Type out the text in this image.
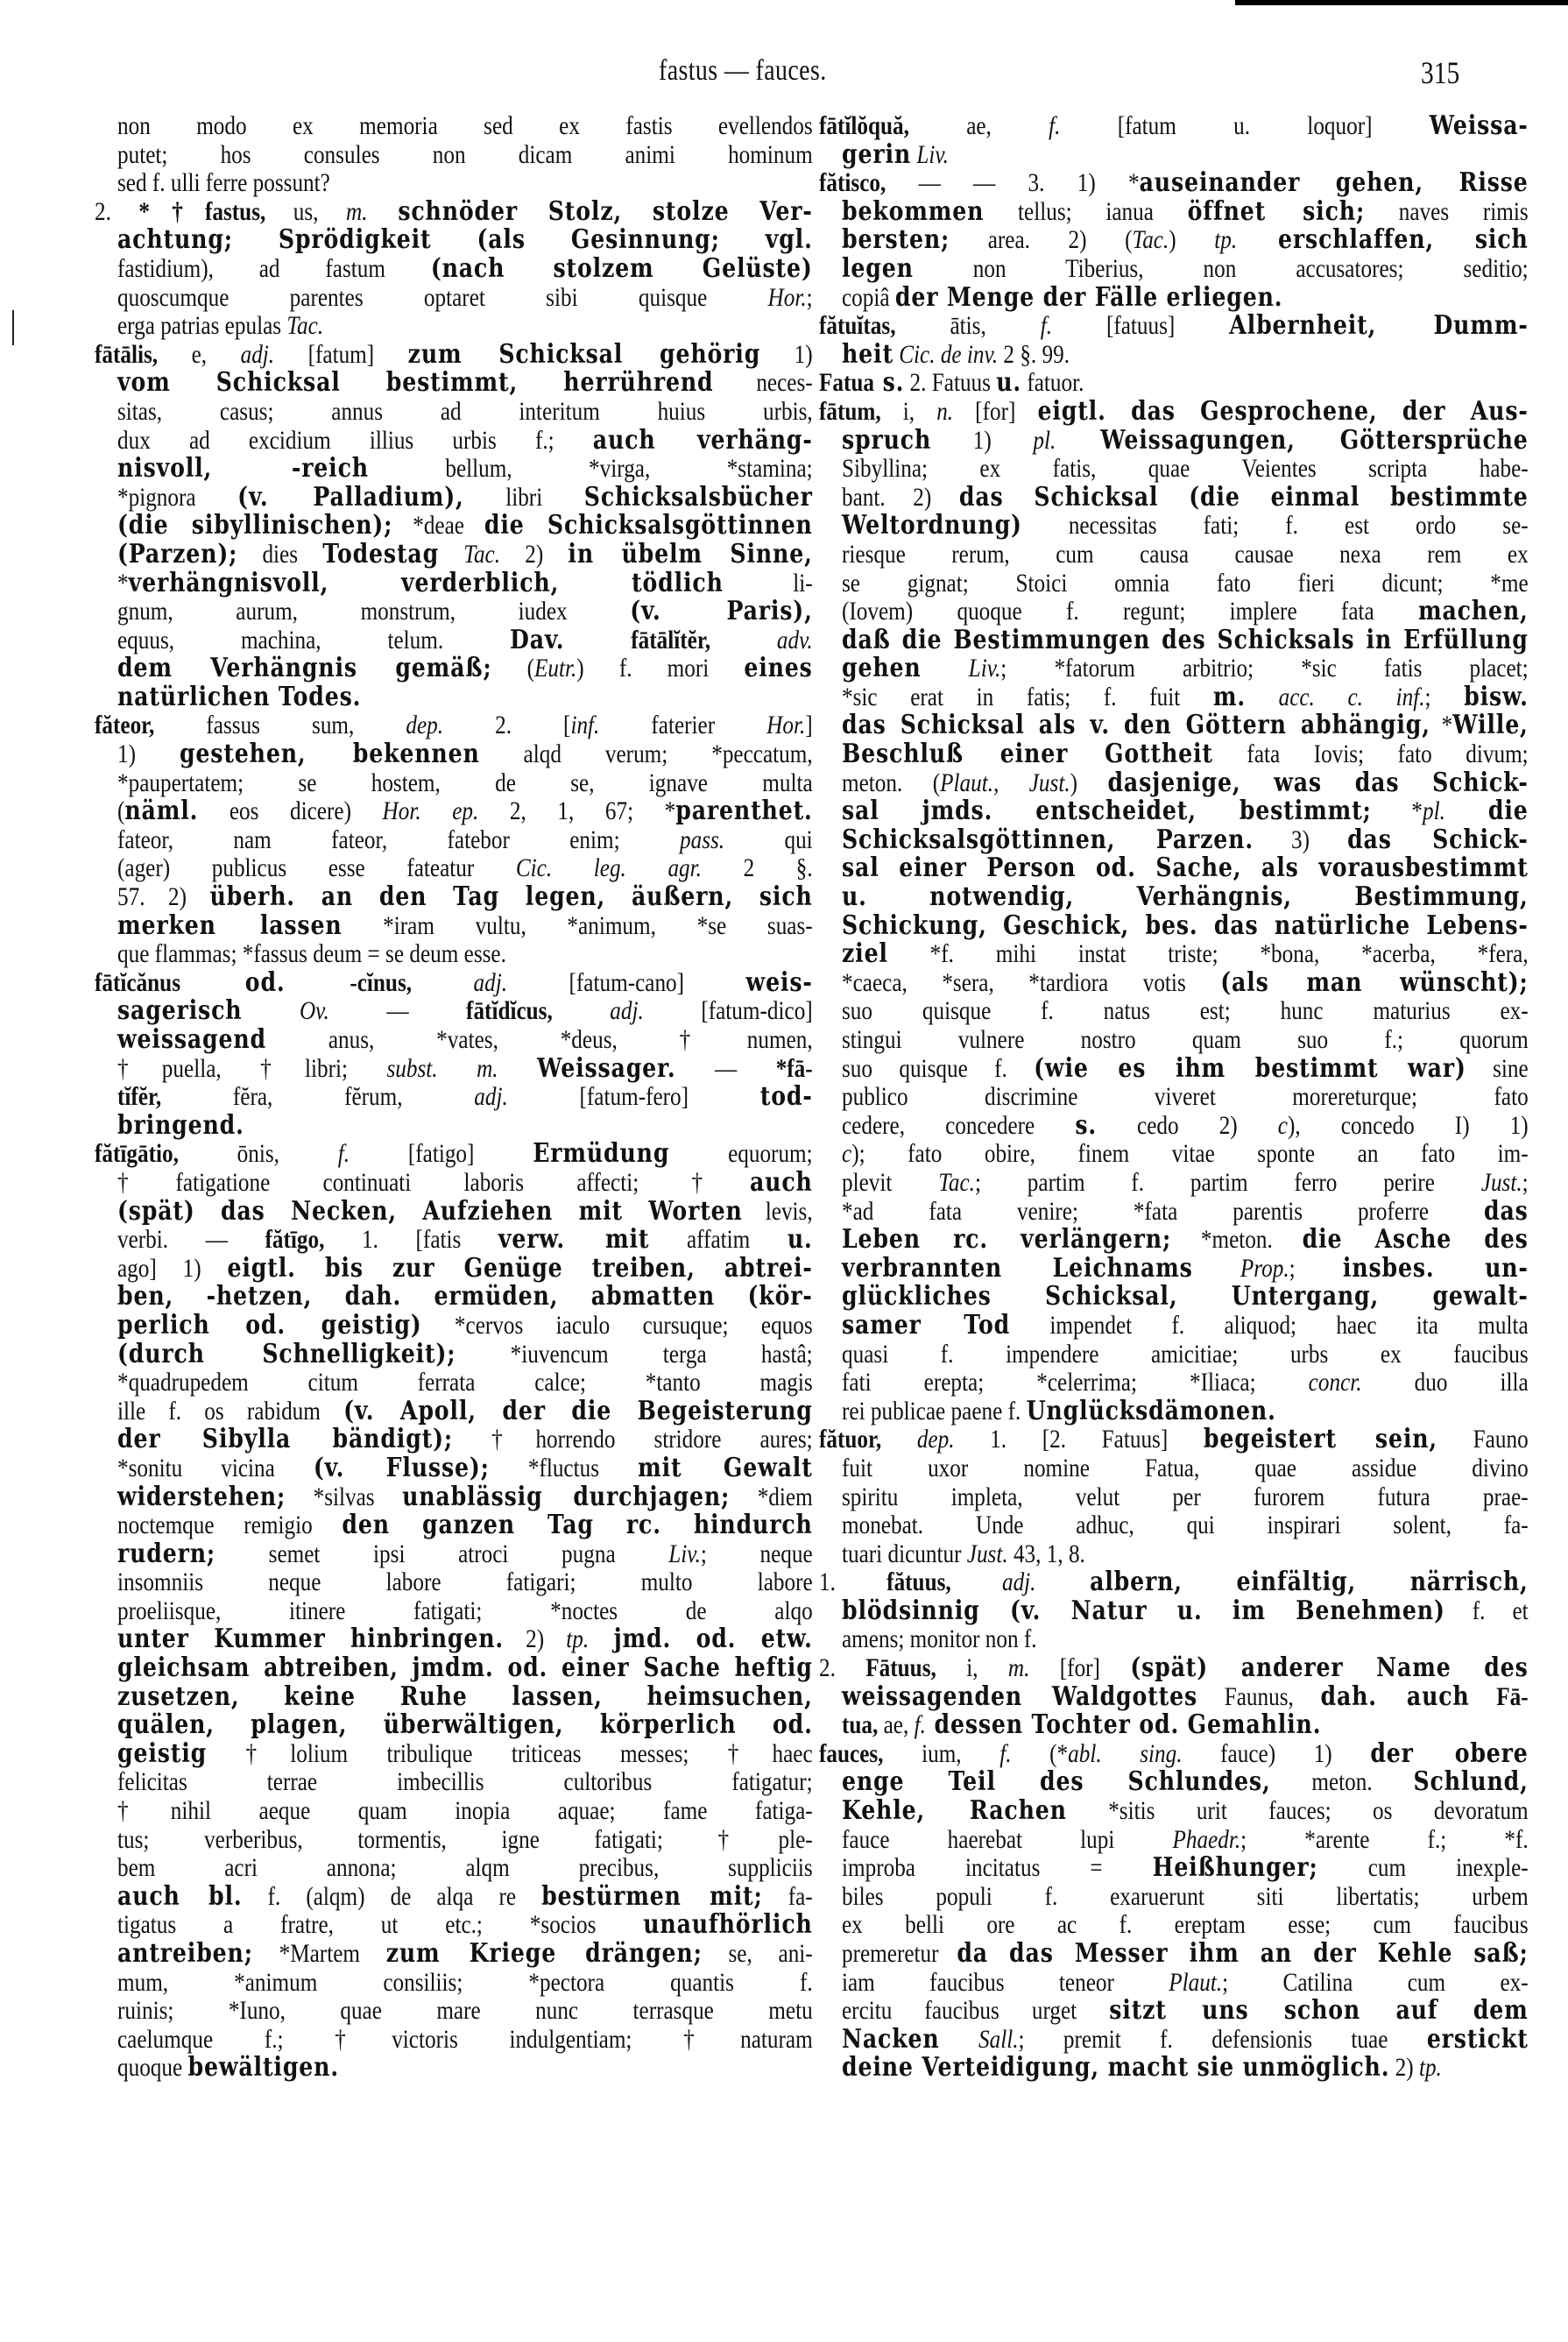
fastus — fauces.	315
non modo ex memoria sed ex fastis evellendos
putet; hos consules non dicam animi hominum
sed f. ulli ferre possunt?
2. *†fastus, us, m. schnöder Stolz, stolze Ver-
achtung; Sprödigkeit (als Gesinnung; vgl.
fastidium), ad fastum (nach stolzem Gelüste)
quoscumque parentes optaret sibi quisque Hor.;
erga patrias epulas Tac.
fātālis, e, adj. [fatum] zum Schicksal gehörig 1)
vom Schicksal bestimmt, herrührend neces-
sitas, casus; annus ad interitum huius urbis,
dux ad excidium illius urbis f.; auch verhäng-
nisvoll, -reich bellum, *virga, *stamina;
*pignora (v. Palladium), libri Schicksalsbücher
(die sibyllinischen); *deae die Schicksalsgöttinnen
(Parzen); dies Todestag Tac. 2) in übelm Sinne,
*verhängnisvoll, verderblich, tödlich li-
gnum, aurum, monstrum, iudex (v. Paris),
equus, machina, telum. Dav.	fātālĭtĕr,	adv.
dem Verhängnis gemäß; (Eutr.) f. mori eines
natürlichen Todes.
făteor, fassus sum, dep. 2. [inf. faterier Hor.]
1) gestehen, bekennen alqd verum; *peccatum,
*paupertatem; se hostem, de se, ignave multa
(näml. eos dicere) Hor. ep. 2, 1, 67; *parenthet.
fateor, nam fateor, fatebor enim; pass. qui
(ager) publicus esse fateatur Cic. leg. agr. 2 §.
57. 2) überh. an den Tag legen, äußern, sich
merken lassen *iram vultu, *animum, *se suas-
que flammas; *fassus deum = se deum esse.
fātĭcănus od. -cĭnus, adj. [fatum-cano] weis-
sagerisch Ov. — fātĭdĭcus, adj. [fatum-dico]
weissagend anus, *vates, *deus, †numen,
†puella, †libri; subst. m. Weissager. — *fā-
tĭfĕr, fĕra, fĕrum, adj. [fatum-fero] tod-
bringend.
fătīgātio, ōnis, f. [fatigo] Ermüdung equorum;
†fatigatione continuati laboris affecti; †auch
(spät) das Necken, Aufziehen mit Worten levis,
verbi. — fătīgo, 1. [fatis verw. mit affatim u.
ago] 1) eigtl. bis zur Genüge treiben, abtrei-
ben, -hetzen, dah. ermüden, abmatten (kör-
perlich od. geistig) *cervos iaculo cursuque; equos
(durch Schnelligkeit); *iuvencum terga hastâ;
*quadrupedem citum ferrata calce; *tanto magis
ille f. os rabidum (v. Apoll, der die Begeisterung
der Sibylla bändigt); †horrendo stridore aures;
*sonitu vicina (v. Flusse); *fluctus mit Gewalt
widerstehen; *silvas unablässig durchjagen; *diem
noctemque remigio den ganzen Tag rc. hindurch
rudern; semet ipsi atroci pugna Liv.; neque
insomniis neque labore fatigari; multo labore
proeliisque, itinere fatigati; *noctes de alqo
unter Kummer hinbringen. 2) tp. jmd. od. etw.
gleichsam abtreiben, jmdm. od. einer Sache heftig
zusetzen, keine Ruhe lassen, heimsuchen,
quälen, plagen, überwältigen, körperlich od.
geistig †lolium tribulique triticeas messes; †haec
felicitas terrae imbecillis cultoribus fatigatur;
†nihil aeque quam inopia aquae; fame fatiga-
tus; verberibus, tormentis, igne fatigati; †ple-
bem acri annona; alqm precibus, suppliciis
auch bl. f. (alqm) de alqa re bestürmen mit; fa-
tigatus a fratre, ut etc.; *socios unaufhörlich
antreiben; *Martem zum Kriege drängen; se, ani-
mum, *animum consiliis; *pectora quantis f.
ruinis; *Iuno, quae mare nunc terrasque metu
caelumque f.; †victoris indulgentiam; †naturam
quoque bewältigen.
fātĭlŏquă, ae, f. [fatum u. loquor] Weissa-
gerin Liv.
fătisco, — — 3. 1) *auseinander gehen, Risse
bekommen tellus; ianua öffnet sich; naves rimis
bersten; area. 2) (Tac.) tp. erschlaffen, sich
legen non Tiberius, non accusatores; seditio;
copiâ der Menge der Fälle erliegen.
fătuĭtas, ātis, f. [fatuus] Albernheit, Dumm-
heit Cic. de inv. 2 §. 99.
Fatua s. 2. Fatuus u. fatuor.
fātum, i, n. [for] eigtl. das Gesprochene, der Aus-
spruch 1) pl. Weissagungen, Göttersprüche
Sibyllina; ex fatis, quae Veientes scripta habe-
bant. 2) das Schicksal (die einmal bestimmte
Weltordnung) necessitas fati; f. est ordo se-
riesque rerum, cum causa causae nexa rem ex
se gignat; Stoici omnia fato fieri dicunt; *me
(Iovem) quoque f. regunt; implere fata machen,
daß die Bestimmungen des Schicksals in Erfüllung
gehen Liv.; *fatorum arbitrio; *sic fatis placet;
*sic erat in fatis; f. fuit m. acc. c. inf.; bisw.
das Schicksal als v. den Göttern abhängig, *Wille,
Beschluß einer Gottheit fata Iovis; fato divum;
meton. (Plaut., Just.) dasjenige, was das Schick-
sal jmds. entscheidet, bestimmt; *pl. die
Schicksalsgöttinnen, Parzen. 3) das Schick-
sal einer Person od. Sache, als vorausbestimmt
u. notwendig, Verhängnis, Bestimmung,
Schickung, Geschick, bes. das natürliche Lebens-
ziel *f. mihi instat triste; *bona, *acerba, *fera,
*caeca, *sera, *tardiora votis (als man wünscht);
suo quisque f. natus est; hunc maturius ex-
stingui vulnere nostro quam suo f.; quorum
suo quisque f. (wie es ihm bestimmt war) sine
publico discrimine viveret morereturque; fato
cedere, concedere s. cedo 2) c), concedo I) 1)
c); fato obire, finem vitae sponte an fato im-
plevit Tac.; partim f. partim ferro perire Just.;
*ad fata venire; *fata parentis proferre das
Leben rc. verlängern; *meton. die Asche des
verbrannten Leichnams Prop.; insbes. un-
glückliches Schicksal, Untergang, gewalt-
samer Tod impendet f. aliquod; haec ita multa
quasi f. impendere amicitiae; urbs ex faucibus
fati erepta; *celerrima; *Iliaca; concr. duo illa
rei publicae paene f. Unglücksdämonen.
fătuor, dep. 1. [2. Fatuus] begeistert sein, Fauno
fuit uxor nomine Fatua, quae assidue divino
spiritu impleta, velut per furorem futura prae-
monebat. Unde adhuc, qui inspirari solent, fa-
tuari dicuntur Just. 43, 1, 8.
1. fătuus, adj. albern, einfältig, närrisch,
blödsinnig (v. Natur u. im Benehmen) f. et
amens; monitor non f.
2. Fātuus, i, m. [for] (spät) anderer Name des
weissagenden Waldgottes Faunus, dah. auch Fā-
tua, ae, f. dessen Tochter od. Gemahlin.
fauces, ium, f. (*abl. sing. fauce) 1) der obere
enge Teil des Schlundes, meton. Schlund,
Kehle, Rachen *sitis urit fauces; os devoratum
fauce haerebat lupi Phaedr.; *arente f.; *f.
improba incitatus = Heißhunger; cum inexple-
biles populi f. exaruerunt siti libertatis; urbem
ex belli ore ac f. ereptam esse; cum faucibus
premeretur da das Messer ihm an der Kehle saß;
iam faucibus teneor Plaut.; Catilina cum ex-
ercitu faucibus urget sitzt uns schon auf dem
Nacken Sall.; premit f. defensionis tuae erstickt
deine Verteidigung, macht sie unmöglich. 2) tp.
